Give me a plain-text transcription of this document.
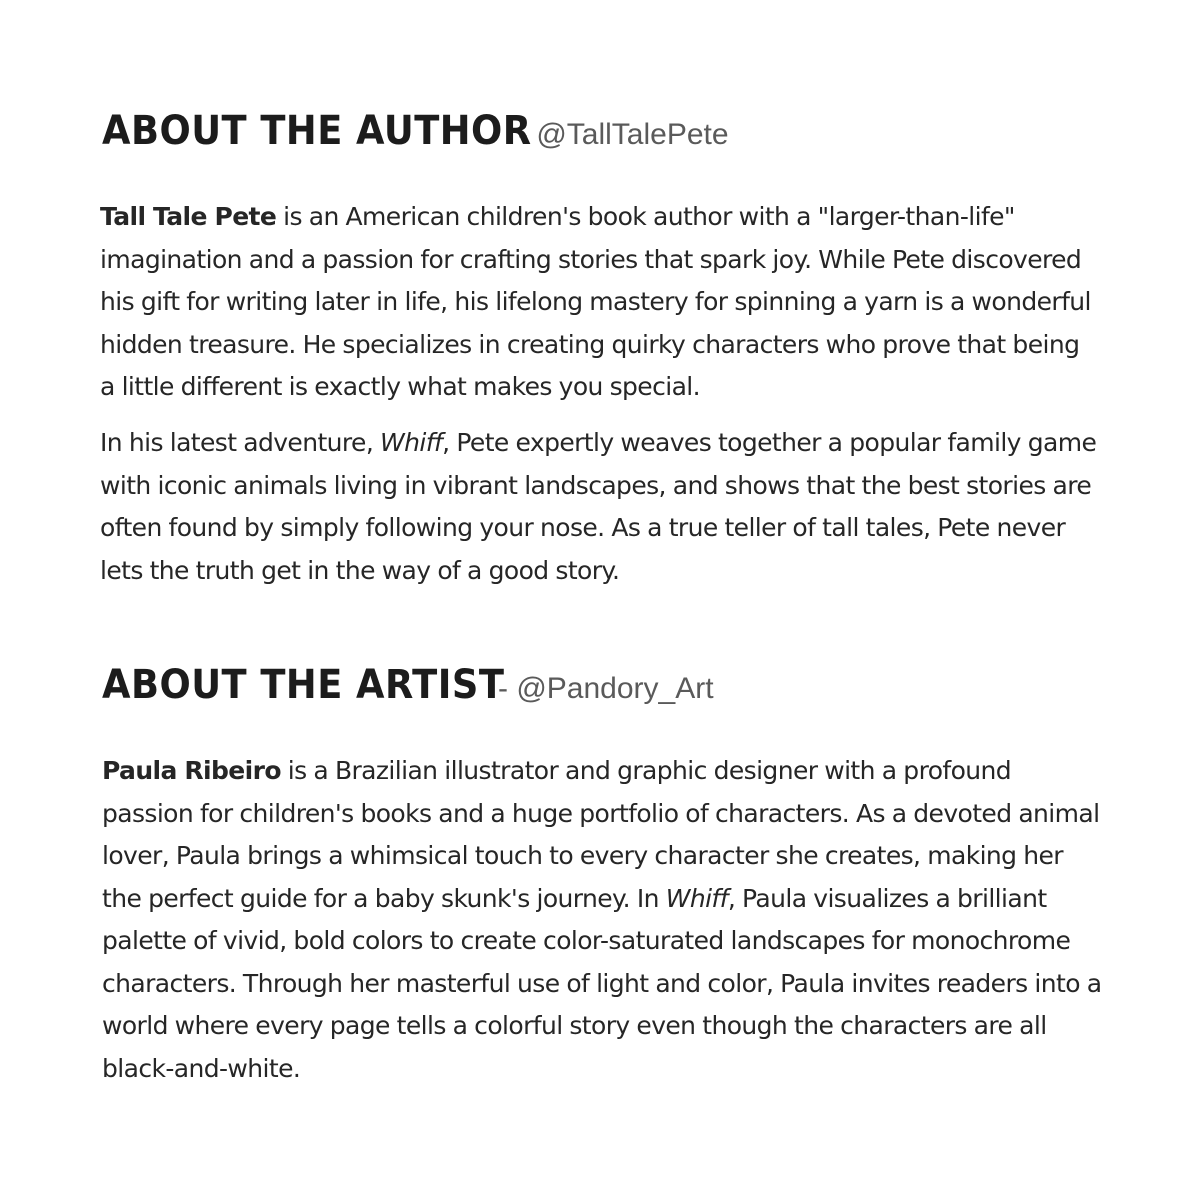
ABOUT THE AUTHOR
- @TallTalePete

Tall Tale Pete is an American children's book author with a "larger-than-life" imagination and a passion for crafting stories that spark joy. While Pete discovered his gift for writing later in life, his lifelong mastery for spinning a yarn is a wonderful hidden treasure. He specializes in creating quirky characters who prove that being a little different is exactly what makes you special.

In his latest adventure, Whiff, Pete expertly weaves together a popular family game with iconic animals living in vibrant landscapes, and shows that the best stories are often found by simply following your nose. As a true teller of tall tales, Pete never lets the truth get in the way of a good story.

ABOUT THE ARTIST
- @Pandory_Art

Paula Ribeiro is a Brazilian illustrator and graphic designer with a profound passion for children's books and a huge portfolio of characters. As a devoted animal lover, Paula brings a whimsical touch to every character she creates, making her the perfect guide for a baby skunk's journey. In Whiff, Paula visualizes a brilliant palette of vivid, bold colors to create color-saturated landscapes for monochrome characters. Through her masterful use of light and color, Paula invites readers into a world where every page tells a colorful story even though the characters are all black-and-white.
